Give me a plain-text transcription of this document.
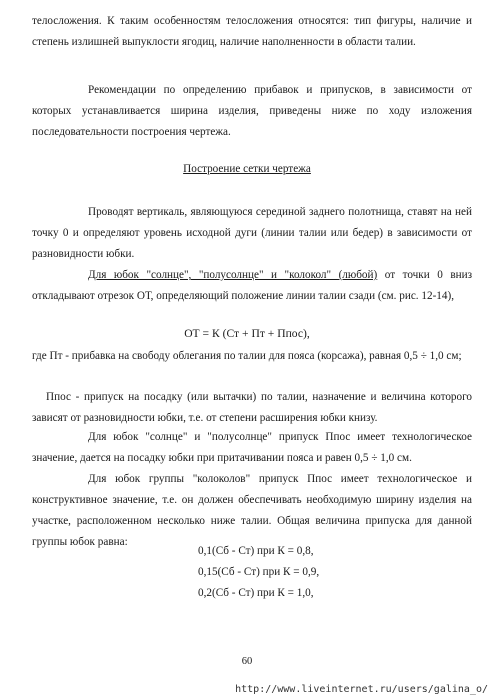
телосложения. К таким особенностям телосложения относятся: тип фигуры, наличие и степень излишней выпуклости ягодиц, наличие наполненности в области талии.

Рекомендации по определению прибавок и припусков, в зависимости от которых устанавливается ширина изделия, приведены ниже по ходу изложения последовательности построения чертежа.

Построение сетки чертежа

Проводят вертикаль, являющуюся серединой заднего полотнища, ставят на ней точку 0 и определяют уровень исходной дуги (линии талии или бедер) в зависимости от разновидности юбки.

Для юбок "солнце", "полусолнце" и "колокол" (любой) от точки 0 вниз откладывают отрезок ОТ, определяющий положение линии талии сзади (см. рис. 12-14),

ОТ = К (Ст + Пт + Ппос),

где Пт - прибавка на свободу облегания по талии для пояса (корсажа), равная 0,5 ÷ 1,0 см;

Ппос - припуск на посадку (или вытачки) по талии, назначение и величина которого зависят от разновидности юбки, т.е. от степени расширения юбки книзу.

Для юбок "солнце" и "полусолнце" припуск Ппос имеет технологическое значение, дается на посадку юбки при притачивании пояса и равен 0,5 ÷ 1,0 см.

Для юбок группы "колоколов" припуск Ппос имеет технологическое и конструктивное значение, т.е. он должен обеспечивать необходимую ширину изделия на участке, расположенном несколько ниже талии. Общая величина припуска для данной группы юбок равна:

0,1(Сб - Ст) при К = 0,8,
0,15(Сб - Ст) при К = 0,9,
0,2(Сб - Ст) при К = 1,0,
60
http://www.liveinternet.ru/users/galina_o/
